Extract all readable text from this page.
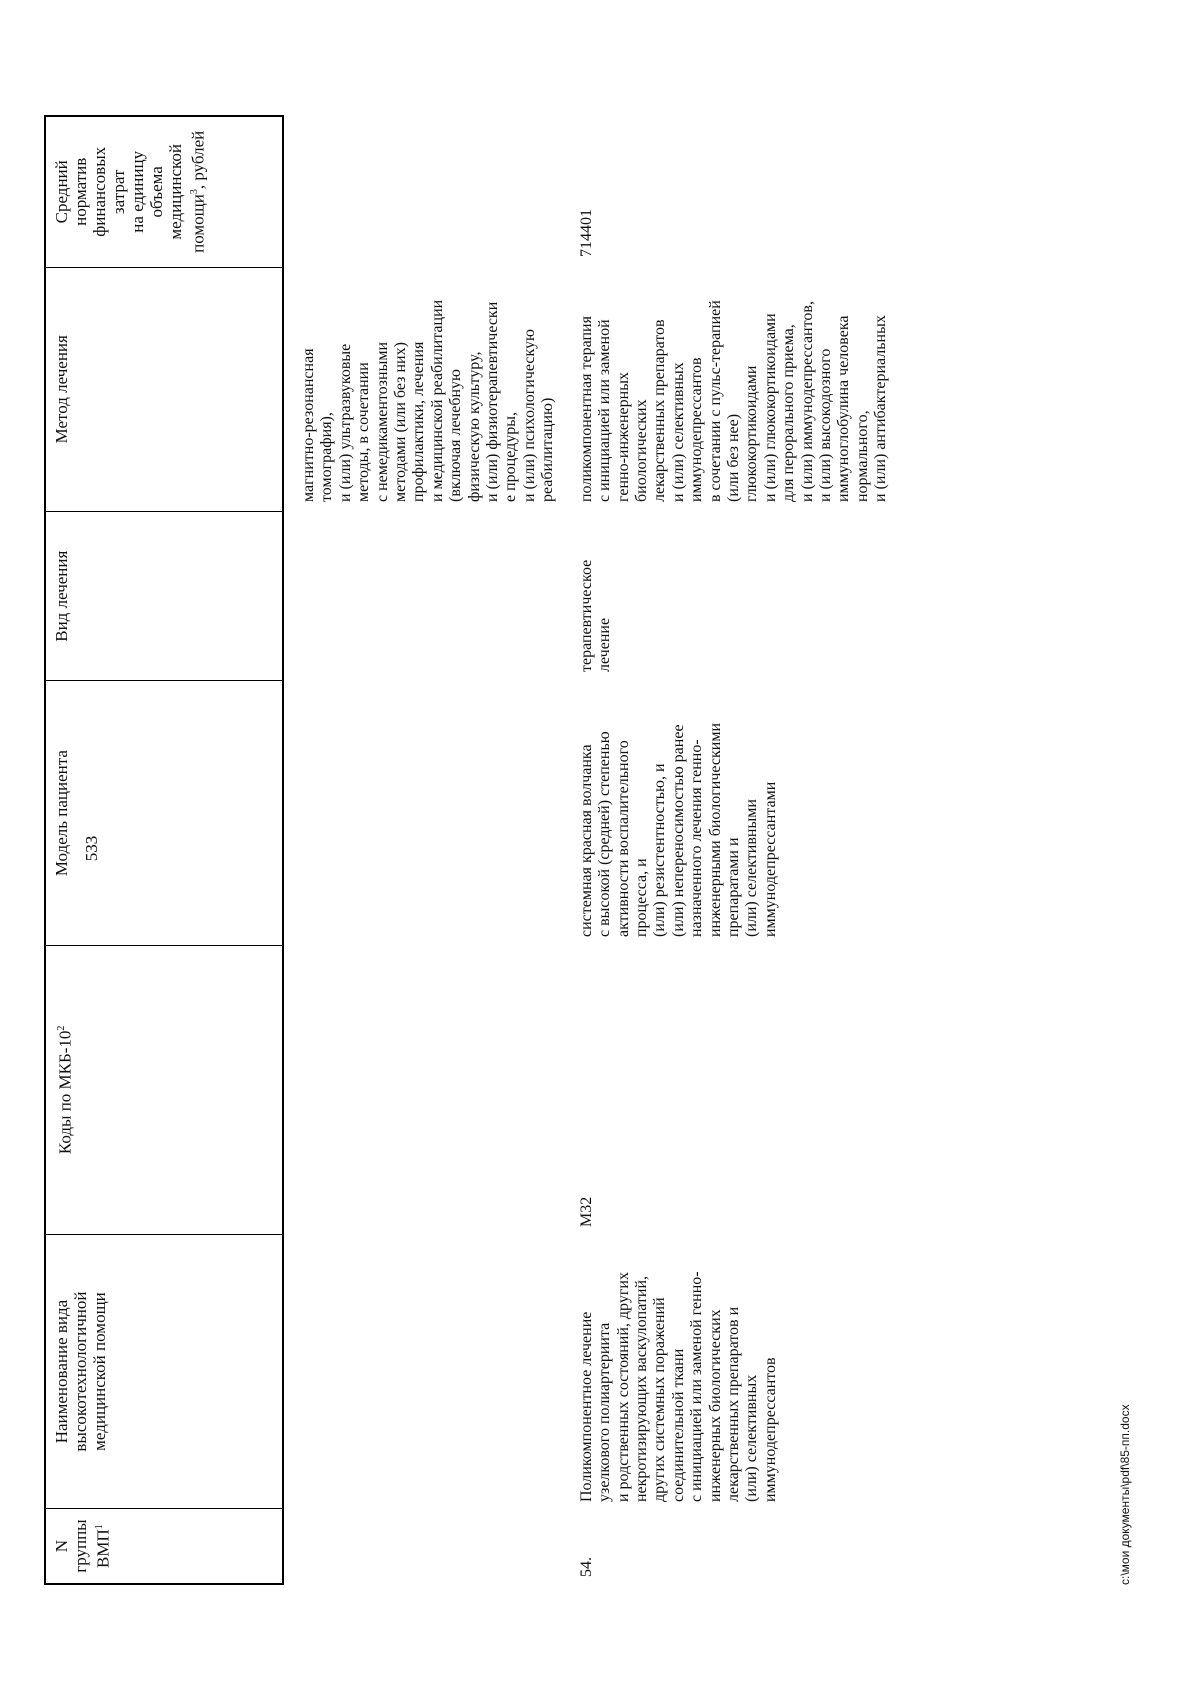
533
N
группы ВМП$^1$
Наименование вида
высокотехнологичной
медицинской помощи
Коды по МКБ-$10^2$
Модель пациента
Вид лечения
Метод лечения
Средний норматив
финансовых затрат
на единицу объема
медицинской помощи$^3$, рублей
магнитно-резонансная томография), и (или) ультразвуковые методы, в сочетании с немедикаментозными методами (или без них) профилактики, лечения и медицинской реабилитации (включая лечебную физическую культуру, и (или) физиотерапевтически е процедуры, и (или) психологическую реабилитацию)
54.
Поликомпонентное лечение узелкового полиартериита и родственных состояний, других некротизирующих васкулопатий, других системных поражений соединительной ткани с инициацией или заменой генно- инженерных биологических лекарственных препаратов и (или) селективных иммунодепрессантов
M32
системная красная волчанка с высокой (средней) степенью активности воспалительного процесса, и (или) резистентностью, и (или) непереносимостью ранее назначенного лечения генно- инженерными биологическими препаратами и (или) селективными иммунодепрессантами
терапевтическое лечение
поликомпонентная терапия с инициацией или заменой генно-инженерных биологических лекарственных препаратов и (или) селективных иммунодепрессантов в сочетании с пульс-терапией (или без нее) глюкокортикоидами и (или) глюкокортикоидами для перорального приема, и (или) иммунодепрессантов, и (или) высокодозного иммуноглобулина человека нормального, и (или) антибактериальных
714401
c:\мои документы\pdf\85-пп.docx
